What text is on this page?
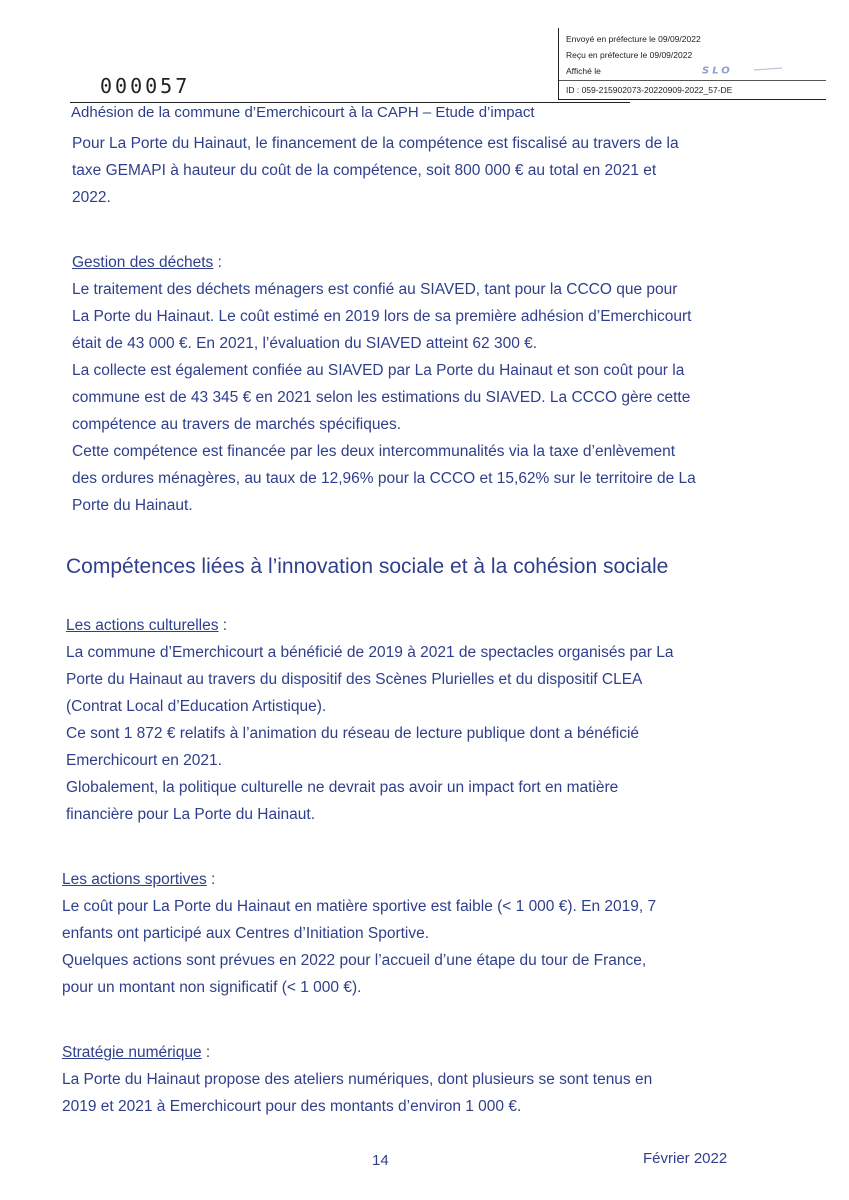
Envoyé en préfecture le 09/09/2022
Reçu en préfecture le 09/09/2022
Affiché le
ID : 059-215902073-20220909-2022_57-DE
SLO
000057
Adhésion de la commune d’Emerchicourt à la CAPH – Etude d’impact
Pour La Porte du Hainaut, le financement de la compétence est fiscalisé au travers de la
taxe GEMAPI à hauteur du coût de la compétence, soit 800 000 € au total en 2021 et
2022.
Gestion des déchets :
Le traitement des déchets ménagers est confié au SIAVED, tant pour la CCCO que pour
La Porte du Hainaut. Le coût estimé en 2019 lors de sa première adhésion d’Emerchicourt
était de 43 000 €. En 2021, l’évaluation du SIAVED atteint 62 300 €.
La collecte est également confiée au SIAVED par La Porte du Hainaut et son coût pour la
commune est de 43 345 € en 2021 selon les estimations du SIAVED. La CCCO gère cette
compétence au travers de marchés spécifiques.
Cette compétence est financée par les deux intercommunalités via la taxe d’enlèvement
des ordures ménagères, au taux de 12,96% pour la CCCO et 15,62% sur le territoire de La
Porte du Hainaut.
Compétences liées à l’innovation sociale et à la cohésion sociale
Les actions culturelles :
La commune d’Emerchicourt a bénéficié de 2019 à 2021 de spectacles organisés par La
Porte du Hainaut au travers du dispositif des Scènes Plurielles et du dispositif CLEA
(Contrat Local d’Education Artistique).
Ce sont 1 872 € relatifs à l’animation du réseau de lecture publique dont a bénéficié
Emerchicourt en 2021.
Globalement, la politique culturelle ne devrait pas avoir un impact fort en matière
financière pour La Porte du Hainaut.
Les actions sportives :
Le coût pour La Porte du Hainaut en matière sportive est faible (< 1 000 €). En 2019, 7
enfants ont participé aux Centres d’Initiation Sportive.
Quelques actions sont prévues en 2022 pour l’accueil d’une étape du tour de France,
pour un montant non significatif (< 1 000 €).
Stratégie numérique :
La Porte du Hainaut propose des ateliers numériques, dont plusieurs se sont tenus en
2019 et 2021 à Emerchicourt pour des montants d’environ 1 000 €.
14	Février 2022
